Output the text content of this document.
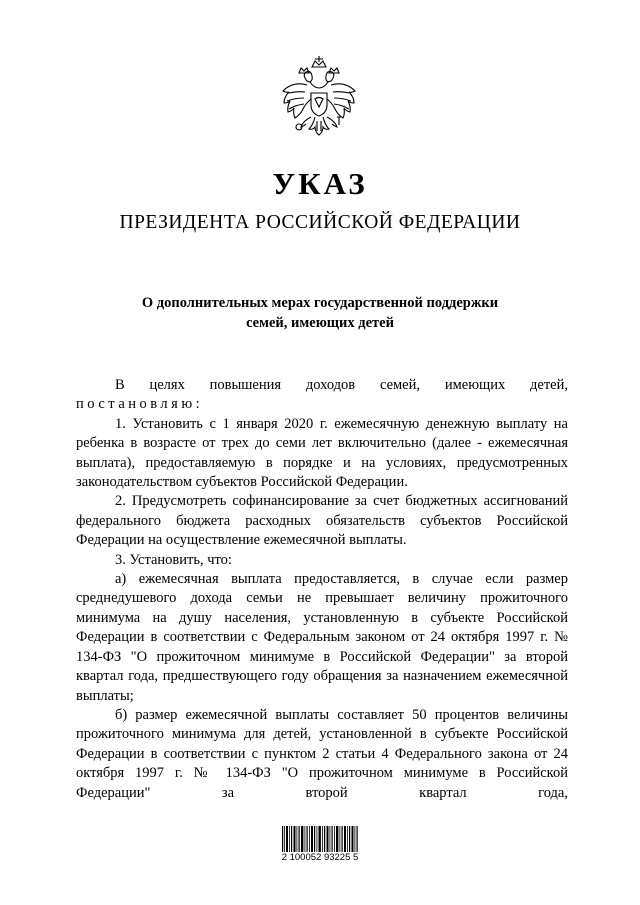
УКАЗ
ПРЕЗИДЕНТА РОССИЙСКОЙ ФЕДЕРАЦИИ

О дополнительных мерах государственной поддержки

семей, имеющих детей

В целях повышения доходов семей, имеющих детей,

постановляю:

1. Установить с 1 января 2020 г. ежемесячную денежную выплату на ребенка в возрасте от трех до семи лет включительно (далее - ежемесячная выплата), предоставляемую в порядке и на условиях, предусмотренных законодательством субъектов Российской Федерации.

2. Предусмотреть софинансирование за счет бюджетных ассигнований федерального бюджета расходных обязательств субъектов Российской Федерации на осуществление ежемесячной выплаты.

3. Установить, что:

а) ежемесячная выплата предоставляется, в случае если размер среднедушевого дохода семьи не превышает величину прожиточного минимума на душу населения, установленную в субъекте Российской Федерации в соответствии с Федеральным законом от 24 октября 1997 г. № 134-ФЗ "О прожиточном минимуме в Российской Федерации" за второй квартал года, предшествующего году обращения за назначением ежемесячной выплаты;

б) размер ежемесячной выплаты составляет 50 процентов величины прожиточного минимума для детей, установленной в субъекте Российской Федерации в соответствии с пунктом 2 статьи 4 Федерального закона от 24 октября 1997 г. № 134-ФЗ "О прожиточном минимуме в Российской Федерации" за второй квартал года,

2 100052 93225 5
